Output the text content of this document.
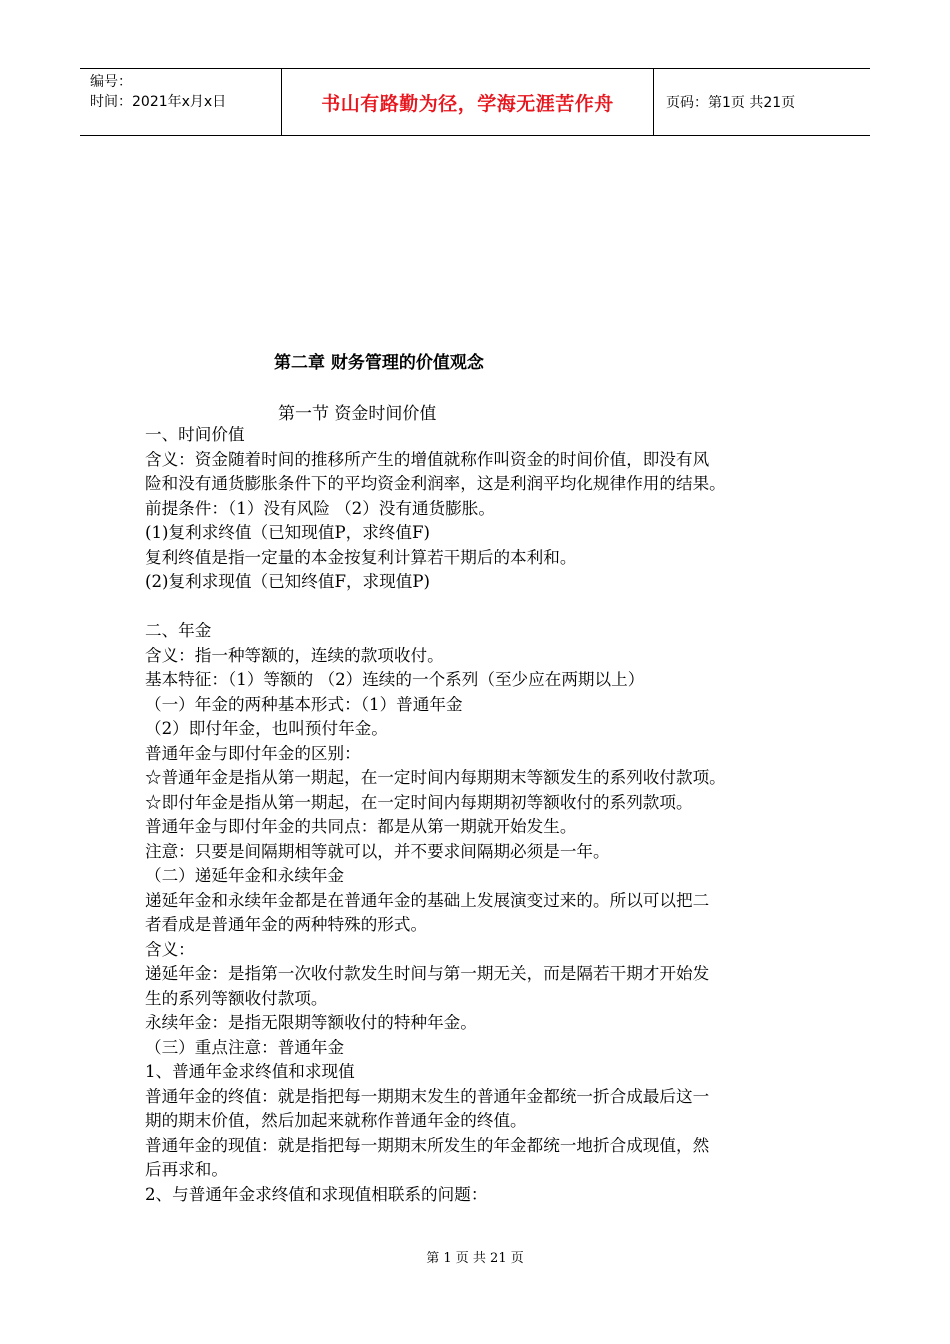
编号：
时间：2021年x月x日	书山有路勤为径，学海无涯苦作舟	页码：第1页 共21页
第二章 财务管理的价值观念
第一节 资金时间价值

一、时间价值

含义：资金随着时间的推移所产生的增值就称作叫资金的时间价值，即没有风

险和没有通货膨胀条件下的平均资金利润率，这是利润平均化规律作用的结果。

前提条件：（1）没有风险 （2）没有通货膨胀。

(1)复利求终值（已知现值P，求终值F)

复利终值是指一定量的本金按复利计算若干期后的本利和。

(2)复利求现值（已知终值F，求现值P)

二、年金

含义：指一种等额的，连续的款项收付。

基本特征：（1）等额的 （2）连续的一个系列（至少应在两期以上）

（一）年金的两种基本形式：（1）普通年金

（2）即付年金，也叫预付年金。

普通年金与即付年金的区别：

☆普通年金是指从第一期起，在一定时间内每期期末等额发生的系列收付款项。

☆即付年金是指从第一期起，在一定时间内每期期初等额收付的系列款项。

普通年金与即付年金的共同点：都是从第一期就开始发生。

注意：只要是间隔期相等就可以，并不要求间隔期必须是一年。

（二）递延年金和永续年金

递延年金和永续年金都是在普通年金的基础上发展演变过来的。所以可以把二

者看成是普通年金的两种特殊的形式。

含义：

递延年金：是指第一次收付款发生时间与第一期无关，而是隔若干期才开始发

生的系列等额收付款项。

永续年金：是指无限期等额收付的特种年金。

（三）重点注意：普通年金

1、普通年金求终值和求现值

普通年金的终值：就是指把每一期期末发生的普通年金都统一折合成最后这一

期的期末价值，然后加起来就称作普通年金的终值。

普通年金的现值：就是指把每一期期末所发生的年金都统一地折合成现值，然

后再求和。

2、与普通年金求终值和求现值相联系的问题：

第 1 页 共 21 页
